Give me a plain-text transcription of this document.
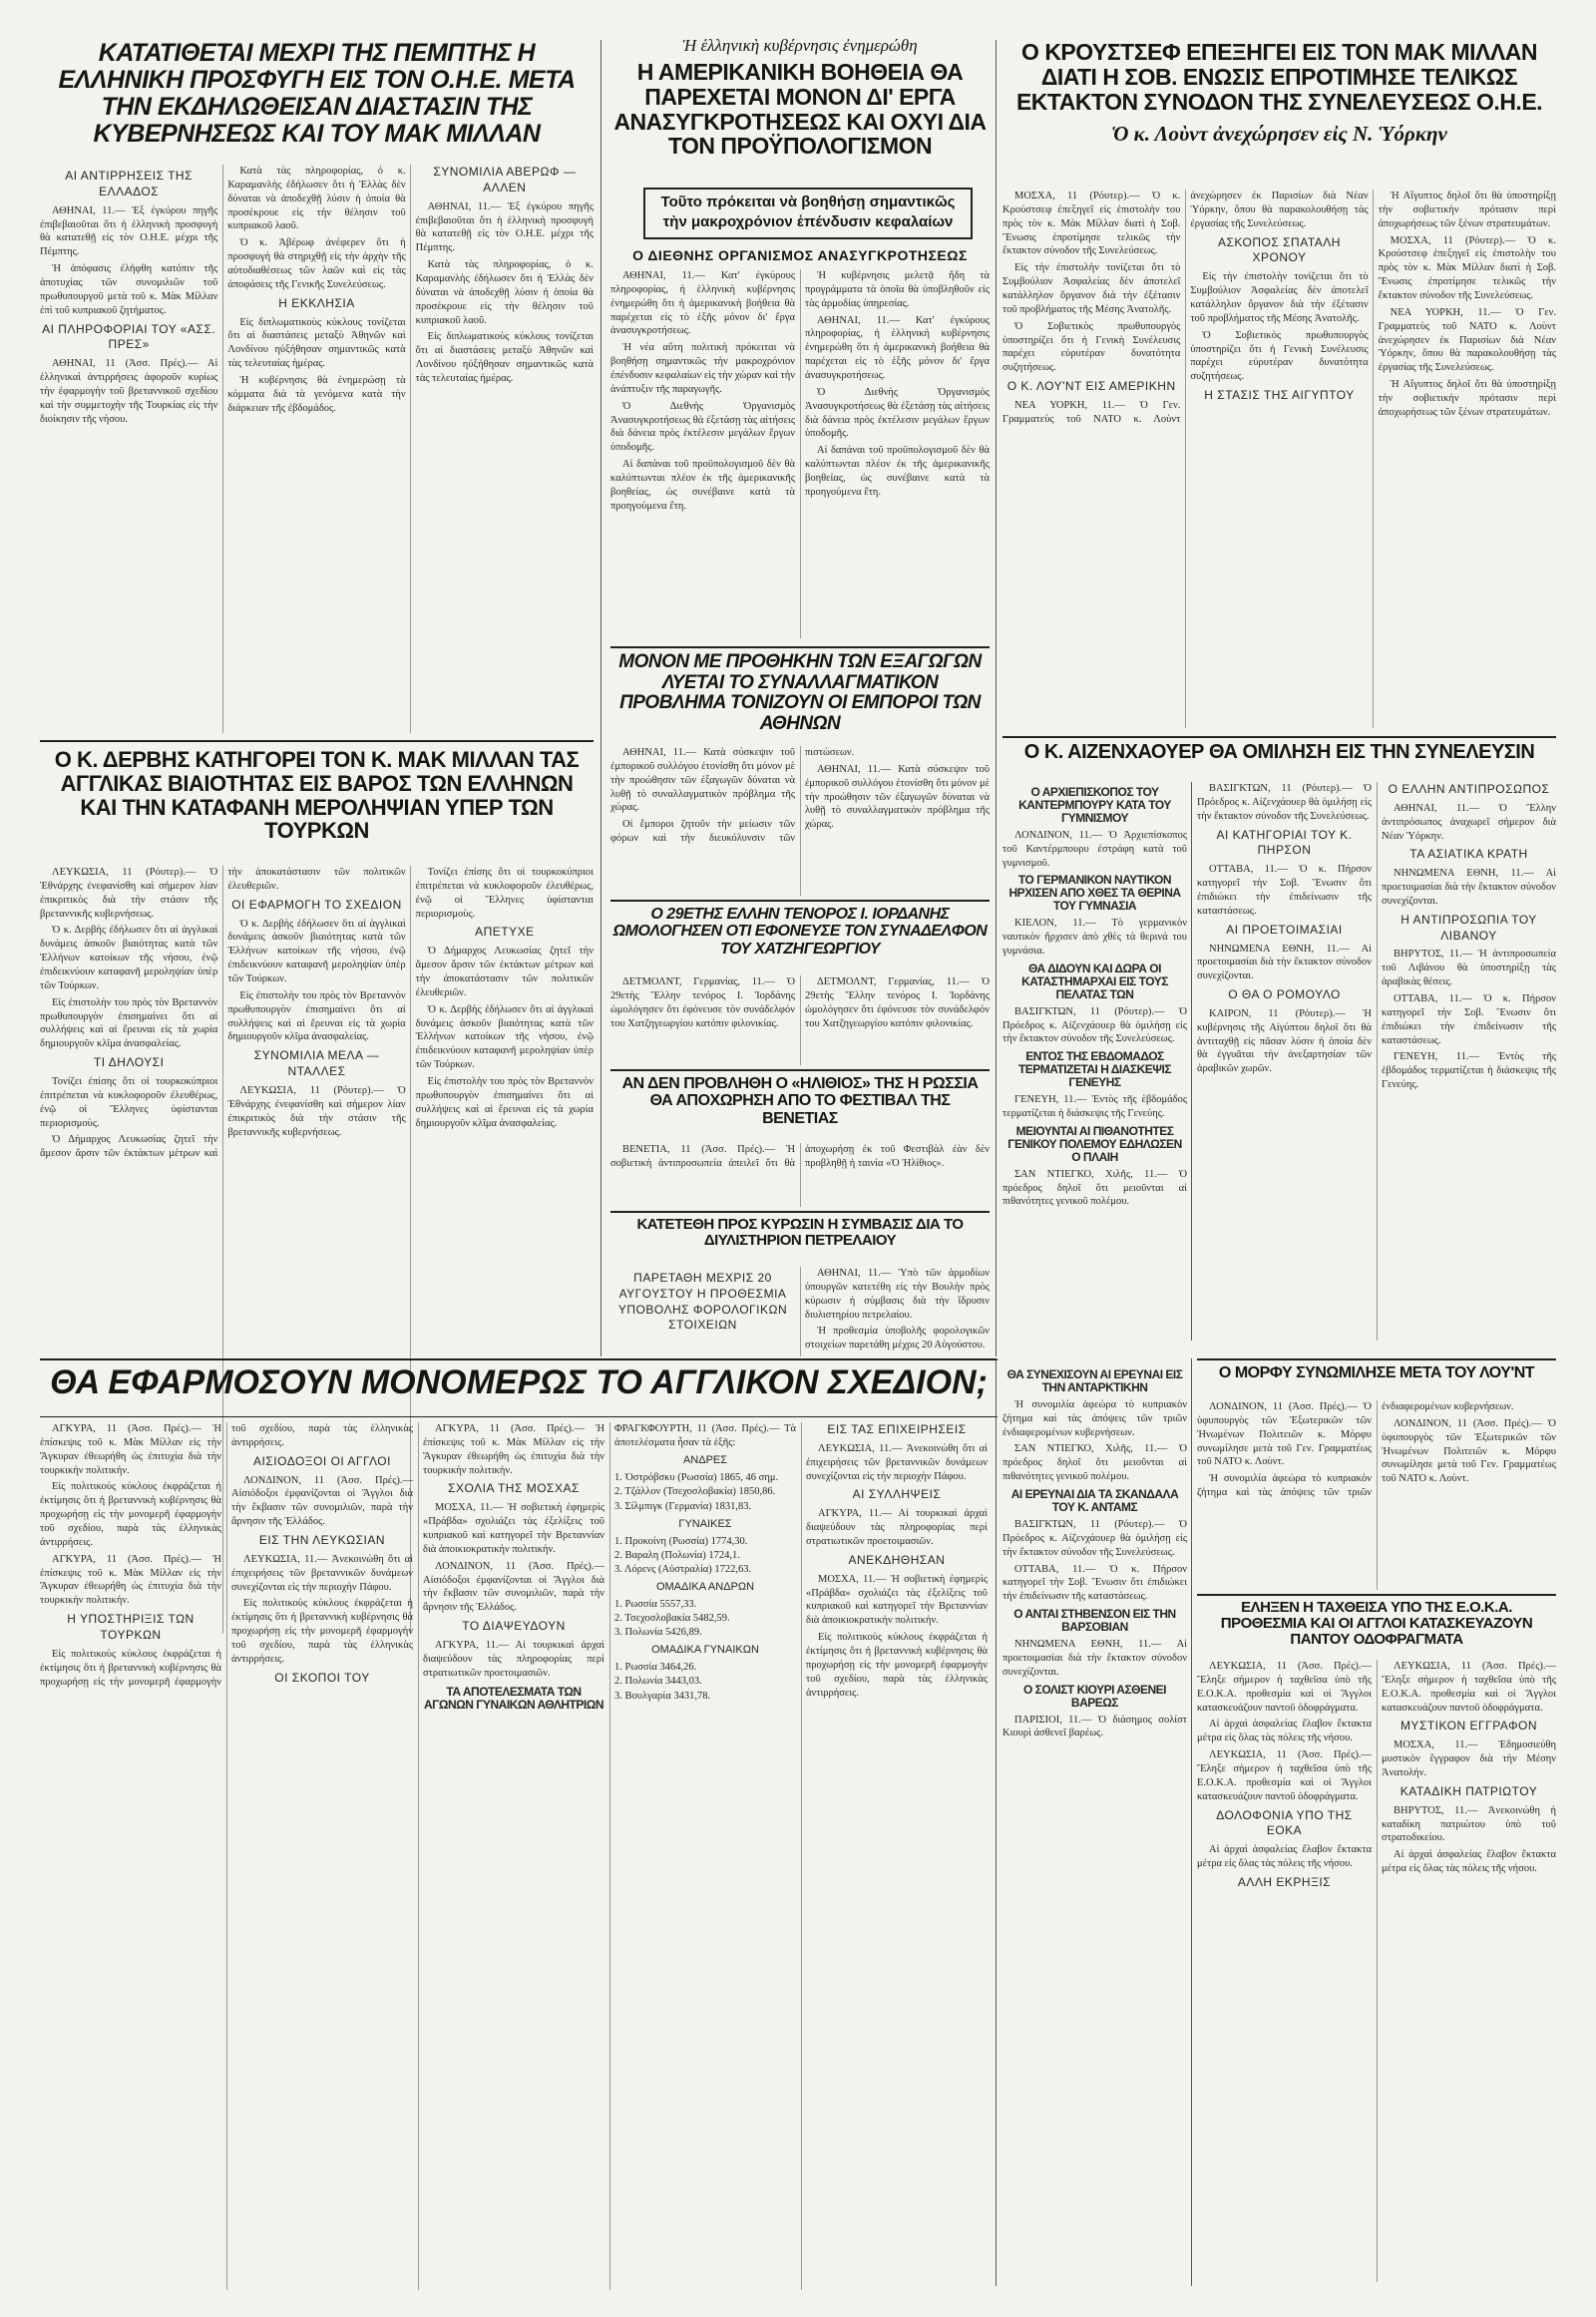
ΚΑΤΑΤΙΘΕΤΑΙ ΜΕΧΡΙ ΤΗΣ ΠΕΜΠΤΗΣ Η ΕΛΛΗΝΙΚΗ ΠΡΟΣΦΥΓΗ ΕΙΣ ΤΟΝ Ο.Η.Ε. ΜΕΤΑ ΤΗΝ ΕΚΔΗΛΩΘΕΙΣΑΝ ΔΙΑΣΤΑΣΙΝ ΤΗΣ ΚΥΒΕΡΝΗΣΕΩΣ ΚΑΙ ΤΟΥ ΜΑΚ ΜΙΛΛΑΝ
Ἡ ἑλληνικὴ κυβέρνησις ἐνημερώθη
Η ΑΜΕΡΙΚΑΝΙΚΗ ΒΟΗΘΕΙΑ ΘΑ ΠΑΡΕΧΕΤΑΙ ΜΟΝΟΝ ΔΙ' ΕΡΓΑ ΑΝΑΣΥΓΚΡΟΤΗΣΕΩΣ ΚΑΙ ΟΧΥΙ ΔΙΑ ΤΟΝ ΠΡΟΫΠΟΛΟΓΙΣΜΟΝ
Ο ΚΡΟΥΣΤΣΕΦ ΕΠΕΞΗΓΕΙ ΕΙΣ ΤΟΝ ΜΑΚ ΜΙΛΛΑΝ ΔΙΑΤΙ Η ΣΟΒ. ΕΝΩΣΙΣ ΕΠΡΟΤΙΜΗΣΕ ΤΕΛΙΚΩΣ ΕΚΤΑΚΤΟΝ ΣΥΝΟΔΟΝ ΤΗΣ ΣΥΝΕΛΕΥΣΕΩΣ Ο.Η.Ε.
Ὁ κ. Λοὺντ ἀνεχώρησεν εἰς Ν. Ὑόρκην
ΑΙ ΑΝΤΙΡΡΗΣΕΙΣ ΤΗΣ ΕΛΛΑΔΟΣ

ΑΘΗΝΑΙ, 11.— Ἐξ ἐγκύρου πηγῆς ἐπιβεβαιοῦται ὅτι ἡ ἑλληνικὴ προσφυγὴ θὰ κατατεθῇ εἰς τὸν Ο.Η.Ε. μέχρι τῆς Πέμπτης.

Ἡ ἀπόφασις ἐλήφθη κατόπιν τῆς ἀποτυχίας τῶν συνομιλιῶν τοῦ πρωθυπουργοῦ μετὰ τοῦ κ. Μὰκ Μίλλαν ἐπὶ τοῦ κυπριακοῦ ζητήματος.

ΑΙ ΠΛΗΡΟΦΟΡΙΑΙ ΤΟΥ «ΑΣΣ. ΠΡΕΣ»

ΑΘΗΝΑΙ, 11 (Ἀσσ. Πρές).— Αἱ ἑλληνικαὶ ἀντιρρήσεις ἀφοροῦν κυρίως τὴν ἐφαρμογὴν τοῦ βρεταννικοῦ σχεδίου καὶ τὴν συμμετοχὴν τῆς Τουρκίας εἰς τὴν διοίκησιν τῆς νήσου.

Κατὰ τὰς πληροφορίας, ὁ κ. Καραμανλὴς ἐδήλωσεν ὅτι ἡ Ἑλλὰς δὲν δύναται νὰ ἀποδεχθῇ λύσιν ἡ ὁποία θὰ προσέκρουε εἰς τὴν θέλησιν τοῦ κυπριακοῦ λαοῦ.

Ὁ κ. Ἀβέρωφ ἀνέφερεν ὅτι ἡ προσφυγὴ θὰ στηριχθῇ εἰς τὴν ἀρχὴν τῆς αὐτοδιαθέσεως τῶν λαῶν καὶ εἰς τὰς ἀποφάσεις τῆς Γενικῆς Συνελεύσεως.

Η ΕΚΚΛΗΣΙΑ

Εἰς διπλωματικοὺς κύκλους τονίζεται ὅτι αἱ διαστάσεις μεταξὺ Ἀθηνῶν καὶ Λονδίνου ηὐξήθησαν σημαντικῶς κατὰ τὰς τελευταίας ἡμέρας.

Ἡ κυβέρνησις θὰ ἐνημερώσῃ τὰ κόμματα διὰ τὰ γενόμενα κατὰ τὴν διάρκειαν τῆς ἐβδομάδος.

ΣΥΝΟΜΙΛΙΑ ΑΒΕΡΩΦ — ΑΛΛΕΝ

ΑΘΗΝΑΙ, 11.— Ἐξ ἐγκύρου πηγῆς ἐπιβεβαιοῦται ὅτι ἡ ἑλληνικὴ προσφυγὴ θὰ κατατεθῇ εἰς τὸν Ο.Η.Ε. μέχρι τῆς Πέμπτης.

Κατὰ τὰς πληροφορίας, ὁ κ. Καραμανλὴς ἐδήλωσεν ὅτι ἡ Ἑλλὰς δὲν δύναται νὰ ἀποδεχθῇ λύσιν ἡ ὁποία θὰ προσέκρουε εἰς τὴν θέλησιν τοῦ κυπριακοῦ λαοῦ.

Εἰς διπλωματικοὺς κύκλους τονίζεται ὅτι αἱ διαστάσεις μεταξὺ Ἀθηνῶν καὶ Λονδίνου ηὐξήθησαν σημαντικῶς κατὰ τὰς τελευταίας ἡμέρας.

Τοῦτο πρόκειται νὰ βοηθήσῃ σημαντικῶς τὴν μακροχρόνιον ἐπένδυσιν κεφαλαίων
Ο ΔΙΕΘΝΗΣ ΟΡΓΑΝΙΣΜΟΣ ΑΝΑΣΥΓΚΡΟΤΗΣΕΩΣ

ΑΘΗΝΑΙ, 11.— Κατ' ἐγκύρους πληροφορίας, ἡ ἑλληνικὴ κυβέρνησις ἐνημερώθη ὅτι ἡ ἀμερικανικὴ βοήθεια θὰ παρέχεται εἰς τὸ ἑξῆς μόνον δι' ἔργα ἀνασυγκροτήσεως.

Ἡ νέα αὕτη πολιτικὴ πρόκειται νὰ βοηθήσῃ σημαντικῶς τὴν μακροχρόνιον ἐπένδυσιν κεφαλαίων εἰς τὴν χώραν καὶ τὴν ἀνάπτυξιν τῆς παραγωγῆς.

Ὁ Διεθνὴς Ὀργανισμὸς Ἀνασυγκροτήσεως θὰ ἐξετάσῃ τὰς αἰτήσεις διὰ δάνεια πρὸς ἐκτέλεσιν μεγάλων ἔργων ὑποδομῆς.

Αἱ δαπάναι τοῦ προϋπολογισμοῦ δὲν θὰ καλύπτωνται πλέον ἐκ τῆς ἀμερικανικῆς βοηθείας, ὡς συνέβαινε κατὰ τὰ προηγούμενα ἔτη.

Ἡ κυβέρνησις μελετᾷ ἤδη τὰ προγράμματα τὰ ὁποῖα θὰ ὑποβληθοῦν εἰς τὰς ἀρμοδίας ὑπηρεσίας.

ΑΘΗΝΑΙ, 11.— Κατ' ἐγκύρους πληροφορίας, ἡ ἑλληνικὴ κυβέρνησις ἐνημερώθη ὅτι ἡ ἀμερικανικὴ βοήθεια θὰ παρέχεται εἰς τὸ ἑξῆς μόνον δι' ἔργα ἀνασυγκροτήσεως.

Ὁ Διεθνὴς Ὀργανισμὸς Ἀνασυγκροτήσεως θὰ ἐξετάσῃ τὰς αἰτήσεις διὰ δάνεια πρὸς ἐκτέλεσιν μεγάλων ἔργων ὑποδομῆς.

Αἱ δαπάναι τοῦ προϋπολογισμοῦ δὲν θὰ καλύπτωνται πλέον ἐκ τῆς ἀμερικανικῆς βοηθείας, ὡς συνέβαινε κατὰ τὰ προηγούμενα ἔτη.

ΜΟΣΧΑ, 11 (Ρόυτερ).— Ὁ κ. Κρούστσεφ ἐπεξηγεῖ εἰς ἐπιστολὴν του πρὸς τὸν κ. Μὰκ Μίλλαν διατὶ ἡ Σοβ. Ἕνωσις ἐπροτίμησε τελικῶς τὴν ἔκτακτον σύνοδον τῆς Συνελεύσεως.

Εἰς τὴν ἐπιστολὴν τονίζεται ὅτι τὸ Συμβούλιον Ἀσφαλείας δὲν ἀποτελεῖ κατάλληλον ὄργανον διὰ τὴν ἐξέτασιν τοῦ προβλήματος τῆς Μέσης Ἀνατολῆς.

Ὁ Σοβιετικὸς πρωθυπουργὸς ὑποστηρίζει ὅτι ἡ Γενικὴ Συνέλευσις παρέχει εὐρυτέραν δυνατότητα συζητήσεως.

Ο Κ. ΛΟΥ'ΝΤ ΕΙΣ ΑΜΕΡΙΚΗΝ

ΝΕΑ ΥΟΡΚΗ, 11.— Ὁ Γεν. Γραμματεὺς τοῦ ΝΑΤΟ κ. Λοὺντ ἀνεχώρησεν ἐκ Παρισίων διὰ Νέαν Ὑόρκην, ὅπου θὰ παρακολουθήσῃ τὰς ἐργασίας τῆς Συνελεύσεως.

ΑΣΚΟΠΟΣ ΣΠΑΤΑΛΗ ΧΡΟΝΟΥ

Εἰς τὴν ἐπιστολὴν τονίζεται ὅτι τὸ Συμβούλιον Ἀσφαλείας δὲν ἀποτελεῖ κατάλληλον ὄργανον διὰ τὴν ἐξέτασιν τοῦ προβλήματος τῆς Μέσης Ἀνατολῆς.

Ὁ Σοβιετικὸς πρωθυπουργὸς ὑποστηρίζει ὅτι ἡ Γενικὴ Συνέλευσις παρέχει εὐρυτέραν δυνατότητα συζητήσεως.

Η ΣΤΑΣΙΣ ΤΗΣ ΑΙΓΥΠΤΟΥ

Ἡ Αἴγυπτος δηλοῖ ὅτι θὰ ὑποστηρίξῃ τὴν σοβιετικὴν πρότασιν περὶ ἀποχωρήσεως τῶν ξένων στρατευμάτων.

ΜΟΣΧΑ, 11 (Ρόυτερ).— Ὁ κ. Κρούστσεφ ἐπεξηγεῖ εἰς ἐπιστολὴν του πρὸς τὸν κ. Μὰκ Μίλλαν διατὶ ἡ Σοβ. Ἕνωσις ἐπροτίμησε τελικῶς τὴν ἔκτακτον σύνοδον τῆς Συνελεύσεως.

ΝΕΑ ΥΟΡΚΗ, 11.— Ὁ Γεν. Γραμματεὺς τοῦ ΝΑΤΟ κ. Λοὺντ ἀνεχώρησεν ἐκ Παρισίων διὰ Νέαν Ὑόρκην, ὅπου θὰ παρακολουθήσῃ τὰς ἐργασίας τῆς Συνελεύσεως.

Ἡ Αἴγυπτος δηλοῖ ὅτι θὰ ὑποστηρίξῃ τὴν σοβιετικὴν πρότασιν περὶ ἀποχωρήσεως τῶν ξένων στρατευμάτων.

ΜΟΝΟΝ ΜΕ ΠΡΟΘΗΚΗΝ ΤΩΝ ΕΞΑΓΩΓΩΝ ΛΥΕΤΑΙ ΤΟ ΣΥΝΑΛΛΑΓΜΑΤΙΚΟΝ ΠΡΟΒΛΗΜΑ ΤΟΝΙΖΟΥΝ ΟΙ ΕΜΠΟΡΟΙ ΤΩΝ ΑΘΗΝΩΝ

ΑΘΗΝΑΙ, 11.— Κατὰ σύσκεψιν τοῦ ἐμπορικοῦ συλλόγου ἐτονίσθη ὅτι μόνον μὲ τὴν προώθησιν τῶν ἐξαγωγῶν δύναται νὰ λυθῇ τὸ συναλλαγματικὸν πρόβλημα τῆς χώρας.

Οἱ ἔμποροι ζητοῦν τὴν μείωσιν τῶν φόρων καὶ τὴν διευκόλυνσιν τῶν πιστώσεων.

ΑΘΗΝΑΙ, 11.— Κατὰ σύσκεψιν τοῦ ἐμπορικοῦ συλλόγου ἐτονίσθη ὅτι μόνον μὲ τὴν προώθησιν τῶν ἐξαγωγῶν δύναται νὰ λυθῇ τὸ συναλλαγματικὸν πρόβλημα τῆς χώρας.

Ο Κ. ΔΕΡΒΗΣ ΚΑΤΗΓΟΡΕΙ ΤΟΝ Κ. ΜΑΚ ΜΙΛΛΑΝ ΤΑΣ ΑΓΓΛΙΚΑΣ ΒΙΑΙΟΤΗΤΑΣ ΕΙΣ ΒΑΡΟΣ ΤΩΝ ΕΛΛΗΝΩΝ ΚΑΙ ΤΗΝ ΚΑΤΑΦΑΝΗ ΜΕΡΟΛΗΨΙΑΝ ΥΠΕΡ ΤΩΝ ΤΟΥΡΚΩΝ

ΛΕΥΚΩΣΙΑ, 11 (Ρόυτερ).— Ὁ Ἐθνάρχης ἐνεφανίσθη καὶ σήμερον λίαν ἐπικριτικὸς διὰ τὴν στάσιν τῆς βρεταννικῆς κυβερνήσεως.

Ὁ κ. Δερβὴς ἐδήλωσεν ὅτι αἱ ἀγγλικαὶ δυνάμεις ἀσκοῦν βιαιότητας κατὰ τῶν Ἑλλήνων κατοίκων τῆς νήσου, ἐνῷ ἐπιδεικνύουν καταφανῆ μεροληψίαν ὑπὲρ τῶν Τούρκων.

Εἰς ἐπιστολὴν του πρὸς τὸν Βρεταννὸν πρωθυπουργὸν ἐπισημαίνει ὅτι αἱ συλλήψεις καὶ αἱ ἔρευναι εἰς τὰ χωρία δημιουργοῦν κλῖμα ἀνασφαλείας.

ΤΙ ΔΗΛΟΥΣΙ

Τονίζει ἐπίσης ὅτι οἱ τουρκοκύπριοι ἐπιτρέπεται νὰ κυκλοφοροῦν ἐλευθέρως, ἐνῷ οἱ Ἕλληνες ὑφίστανται περιορισμοὺς.

Ὁ Δήμαρχος Λευκωσίας ζητεῖ τὴν ἄμεσον ἄρσιν τῶν ἐκτάκτων μέτρων καὶ τὴν ἀποκατάστασιν τῶν πολιτικῶν ἐλευθεριῶν.

ΟΙ ΕΦΑΡΜΟΓΗ ΤΟ ΣΧΕΔΙΟΝ

Ὁ κ. Δερβὴς ἐδήλωσεν ὅτι αἱ ἀγγλικαὶ δυνάμεις ἀσκοῦν βιαιότητας κατὰ τῶν Ἑλλήνων κατοίκων τῆς νήσου, ἐνῷ ἐπιδεικνύουν καταφανῆ μεροληψίαν ὑπὲρ τῶν Τούρκων.

Εἰς ἐπιστολὴν του πρὸς τὸν Βρεταννὸν πρωθυπουργὸν ἐπισημαίνει ὅτι αἱ συλλήψεις καὶ αἱ ἔρευναι εἰς τὰ χωρία δημιουργοῦν κλῖμα ἀνασφαλείας.

ΣΥΝΟΜΙΛΙΑ ΜΕΛΑ — ΝΤΑΛΛΕΣ

ΛΕΥΚΩΣΙΑ, 11 (Ρόυτερ).— Ὁ Ἐθνάρχης ἐνεφανίσθη καὶ σήμερον λίαν ἐπικριτικὸς διὰ τὴν στάσιν τῆς βρεταννικῆς κυβερνήσεως.

Τονίζει ἐπίσης ὅτι οἱ τουρκοκύπριοι ἐπιτρέπεται νὰ κυκλοφοροῦν ἐλευθέρως, ἐνῷ οἱ Ἕλληνες ὑφίστανται περιορισμοὺς.

ΑΠΕΤΥΧΕ

Ὁ Δήμαρχος Λευκωσίας ζητεῖ τὴν ἄμεσον ἄρσιν τῶν ἐκτάκτων μέτρων καὶ τὴν ἀποκατάστασιν τῶν πολιτικῶν ἐλευθεριῶν.

Ὁ κ. Δερβὴς ἐδήλωσεν ὅτι αἱ ἀγγλικαὶ δυνάμεις ἀσκοῦν βιαιότητας κατὰ τῶν Ἑλλήνων κατοίκων τῆς νήσου, ἐνῷ ἐπιδεικνύουν καταφανῆ μεροληψίαν ὑπὲρ τῶν Τούρκων.

Εἰς ἐπιστολὴν του πρὸς τὸν Βρεταννὸν πρωθυπουργὸν ἐπισημαίνει ὅτι αἱ συλλήψεις καὶ αἱ ἔρευναι εἰς τὰ χωρία δημιουργοῦν κλῖμα ἀνασφαλείας.

Ο 29ΕΤΗΣ ΕΛΛΗΝ ΤΕΝΟΡΟΣ Ι. ΙΟΡΔΑΝΗΣ ΩΜΟΛΟΓΗΣΕΝ ΟΤΙ ΕΦΟΝΕΥΣΕ ΤΟΝ ΣΥΝΑΔΕΛΦΟΝ ΤΟΥ ΧΑΤΖΗΓΕΩΡΓΙΟΥ

ΔΕΤΜΟΛΝΤ, Γερμανίας, 11.— Ὁ 29ετὴς Ἕλλην τενόρος Ι. Ἰορδάνης ὡμολόγησεν ὅτι ἐφόνευσε τὸν συνάδελφόν του Χατζηγεωργίου κατόπιν φιλονικίας.

ΔΕΤΜΟΛΝΤ, Γερμανίας, 11.— Ὁ 29ετὴς Ἕλλην τενόρος Ι. Ἰορδάνης ὡμολόγησεν ὅτι ἐφόνευσε τὸν συνάδελφόν του Χατζηγεωργίου κατόπιν φιλονικίας.

ΑΝ ΔΕΝ ΠΡΟΒΛΗΘΗ Ο «ΗΛΙΘΙΟΣ» ΤΗΣ Η ΡΩΣΣΙΑ ΘΑ ΑΠΟΧΩΡΗΣΗ ΑΠΟ ΤΟ ΦΕΣΤΙΒΑΛ ΤΗΣ ΒΕΝΕΤΙΑΣ

ΒΕΝΕΤΙΑ, 11 (Ἀσσ. Πρές).— Ἡ σοβιετικὴ ἀντιπροσωπεία ἀπειλεῖ ὅτι θὰ ἀποχωρήσῃ ἐκ τοῦ Φεστιβὰλ ἐὰν δὲν προβληθῇ ἡ ταινία «Ὁ Ἠλίθιος».

ΚΑΤΕΤΕΘΗ ΠΡΟΣ ΚΥΡΩΣΙΝ Η ΣΥΜΒΑΣΙΣ ΔΙΑ ΤΟ ΔΙΥΛΙΣΤΗΡΙΟΝ ΠΕΤΡΕΛΑΙΟΥ
ΠΑΡΕΤΑΘΗ ΜΕΧΡΙΣ 20 ΑΥΓΟΥΣΤΟΥ Η ΠΡΟΘΕΣΜΙΑ ΥΠΟΒΟΛΗΣ ΦΟΡΟΛΟΓΙΚΩΝ ΣΤΟΙΧΕΙΩΝ

ΑΘΗΝΑΙ, 11.— Ὑπὸ τῶν ἁρμοδίων ὑπουργῶν κατετέθη εἰς τὴν Βουλὴν πρὸς κύρωσιν ἡ σύμβασις διὰ τὴν ἵδρυσιν διυλιστηρίου πετρελαίου.

Ἡ προθεσμία ὑποβολῆς φορολογικῶν στοιχείων παρετάθη μέχρις 20 Αὐγούστου.

Ο Κ. ΑΙΖΕΝΧΑΟΥΕΡ ΘΑ ΟΜΙΛΗΣΗ ΕΙΣ ΤΗΝ ΣΥΝΕΛΕΥΣΙΝ
Ο ΑΡΧΙΕΠΙΣΚΟΠΟΣ ΤΟΥ ΚΑΝΤΕΡΜΠΟΥΡΥ ΚΑΤΑ ΤΟΥ ΓΥΜΝΙΣΜΟΥ

ΛΟΝΔΙΝΟΝ, 11.— Ὁ Ἀρχιεπίσκοπος τοῦ Καντέρμπουρυ ἐστράφη κατὰ τοῦ γυμνισμοῦ.

ΤΟ ΓΕΡΜΑΝΙΚΟΝ ΝΑΥΤΙΚΟΝ ΗΡΧΙΣΕΝ ΑΠΟ ΧΘΕΣ ΤΑ ΘΕΡΙΝΑ ΤΟΥ ΓΥΜΝΑΣΙΑ

ΚΙΕΛΟΝ, 11.— Τὸ γερμανικὸν ναυτικὸν ἤρχισεν ἀπὸ χθὲς τὰ θερινά του γυμνάσια.

ΘΑ ΔΙΔΟΥΝ ΚΑΙ ΔΩΡΑ ΟΙ ΚΑΤΑΣΤΗΜΑΡΧΑΙ ΕΙΣ ΤΟΥΣ ΠΕΛΑΤΑΣ ΤΩΝ

ΒΑΣΙΓΚΤΩΝ, 11 (Ρόυτερ).— Ὁ Πρόεδρος κ. Αἰζενχάουερ θὰ ὁμιλήσῃ εἰς τὴν ἔκτακτον σύνοδον τῆς Συνελεύσεως.

ΕΝΤΟΣ ΤΗΣ ΕΒΔΟΜΑΔΟΣ ΤΕΡΜΑΤΙΖΕΤΑΙ Η ΔΙΑΣΚΕΨΙΣ ΓΕΝΕΥΗΣ

ΓΕΝΕΥΗ, 11.— Ἐντὸς τῆς ἑβδομάδος τερματίζεται ἡ διάσκεψις τῆς Γενεύης.

ΜΕΙΟΥΝΤΑΙ ΑΙ ΠΙΘΑΝΟΤΗΤΕΣ ΓΕΝΙΚΟΥ ΠΟΛΕΜΟΥ ΕΔΗΛΩΣΕΝ Ο ΠΛΑΙΗ

ΣΑΝ ΝΤΙΕΓΚΟ, Χιλῆς, 11.— Ὁ πρόεδρος δηλοῖ ὅτι μειοῦνται αἱ πιθανότητες γενικοῦ πολέμου.

ΒΑΣΙΓΚΤΩΝ, 11 (Ρόυτερ).— Ὁ Πρόεδρος κ. Αἰζενχάουερ θὰ ὁμιλήσῃ εἰς τὴν ἔκτακτον σύνοδον τῆς Συνελεύσεως.

ΑΙ ΚΑΤΗΓΟΡΙΑΙ ΤΟΥ Κ. ΠΗΡΣΟΝ

ΟΤΤΑΒΑ, 11.— Ὁ κ. Πήρσον κατηγορεῖ τὴν Σοβ. Ἕνωσιν ὅτι ἐπιδιώκει τὴν ἐπιδείνωσιν τῆς καταστάσεως.

ΑΙ ΠΡΟΕΤΟΙΜΑΣΙΑΙ

ΝΗΝΩΜΕΝΑ ΕΘΝΗ, 11.— Αἱ προετοιμασίαι διὰ τὴν ἔκτακτον σύνοδον συνεχίζονται.

Ο ΘΑ Ο ΡΟΜΟΥΛΟ

ΚΑΙΡΟΝ, 11 (Ρόυτερ).— Ἡ κυβέρνησις τῆς Αἰγύπτου δηλοῖ ὅτι θὰ ἀντιταχθῇ εἰς πᾶσαν λύσιν ἡ ὁποία δὲν θὰ ἐγγυᾶται τὴν ἀνεξαρτησίαν τῶν ἀραβικῶν χωρῶν.

Ο ΕΛΛΗΝ ΑΝΤΙΠΡΟΣΩΠΟΣ

ΑΘΗΝΑΙ, 11.— Ὁ Ἕλλην ἀντιπρόσωπος ἀναχωρεῖ σήμερον διὰ Νέαν Ὑόρκην.

ΤΑ ΑΣΙΑΤΙΚΑ ΚΡΑΤΗ

ΝΗΝΩΜΕΝΑ ΕΘΝΗ, 11.— Αἱ προετοιμασίαι διὰ τὴν ἔκτακτον σύνοδον συνεχίζονται.

Η ΑΝΤΙΠΡΟΣΩΠΙΑ ΤΟΥ ΛΙΒΑΝΟΥ

ΒΗΡΥΤΟΣ, 11.— Ἡ ἀντιπροσωπεία τοῦ Λιβάνου θὰ ὑποστηρίξῃ τὰς ἀραβικὰς θέσεις.

ΟΤΤΑΒΑ, 11.— Ὁ κ. Πήρσον κατηγορεῖ τὴν Σοβ. Ἕνωσιν ὅτι ἐπιδιώκει τὴν ἐπιδείνωσιν τῆς καταστάσεως.

ΓΕΝΕΥΗ, 11.— Ἐντὸς τῆς ἑβδομάδος τερματίζεται ἡ διάσκεψις τῆς Γενεύης.

ΘΑ ΕΦΑΡΜΟΣΟΥΝ ΜΟΝΟΜΕΡΩΣ ΤΟ ΑΓΓΛΙΚΟΝ ΣΧΕΔΙΟΝ;

ΑΓΚΥΡΑ, 11 (Ἀσσ. Πρές).— Ἡ ἐπίσκεψις τοῦ κ. Μὰκ Μίλλαν εἰς τὴν Ἄγκυραν ἐθεωρήθη ὡς ἐπιτυχία διὰ τὴν τουρκικὴν πολιτικήν.

Εἰς πολιτικοὺς κύκλους ἐκφράζεται ἡ ἐκτίμησις ὅτι ἡ βρεταννικὴ κυβέρνησις θὰ προχωρήσῃ εἰς τὴν μονομερῆ ἐφαρμογὴν τοῦ σχεδίου, παρὰ τὰς ἑλληνικὰς ἀντιρρήσεις.

ΑΓΚΥΡΑ, 11 (Ἀσσ. Πρές).— Ἡ ἐπίσκεψις τοῦ κ. Μὰκ Μίλλαν εἰς τὴν Ἄγκυραν ἐθεωρήθη ὡς ἐπιτυχία διὰ τὴν τουρκικὴν πολιτικήν.

Η ΥΠΟΣΤΗΡΙΞΙΣ ΤΩΝ ΤΟΥΡΚΩΝ

Εἰς πολιτικοὺς κύκλους ἐκφράζεται ἡ ἐκτίμησις ὅτι ἡ βρεταννικὴ κυβέρνησις θὰ προχωρήσῃ εἰς τὴν μονομερῆ ἐφαρμογὴν τοῦ σχεδίου, παρὰ τὰς ἑλληνικὰς ἀντιρρήσεις.

ΑΙΣΙΟΔΟΞΟΙ ΟΙ ΑΓΓΛΟΙ

ΛΟΝΔΙΝΟΝ, 11 (Ἀσσ. Πρές).— Αἰσιόδοξοι ἐμφανίζονται οἱ Ἄγγλοι διὰ τὴν ἔκβασιν τῶν συνομιλιῶν, παρὰ τὴν ἄρνησιν τῆς Ἑλλάδος.

ΕΙΣ ΤΗΝ ΛΕΥΚΩΣΙΑΝ

ΛΕΥΚΩΣΙΑ, 11.— Ἀνεκοινώθη ὅτι αἱ ἐπιχειρήσεις τῶν βρεταννικῶν δυνάμεων συνεχίζονται εἰς τὴν περιοχὴν Πάφου.

Εἰς πολιτικοὺς κύκλους ἐκφράζεται ἡ ἐκτίμησις ὅτι ἡ βρεταννικὴ κυβέρνησις θὰ προχωρήσῃ εἰς τὴν μονομερῆ ἐφαρμογὴν τοῦ σχεδίου, παρὰ τὰς ἑλληνικὰς ἀντιρρήσεις.

ΟΙ ΣΚΟΠΟΙ ΤΟΥ

ΑΓΚΥΡΑ, 11 (Ἀσσ. Πρές).— Ἡ ἐπίσκεψις τοῦ κ. Μὰκ Μίλλαν εἰς τὴν Ἄγκυραν ἐθεωρήθη ὡς ἐπιτυχία διὰ τὴν τουρκικὴν πολιτικήν.

ΣΧΟΛΙΑ ΤΗΣ ΜΟΣΧΑΣ

ΜΟΣΧΑ, 11.— Ἡ σοβιετικὴ ἐφημερὶς «Πράβδα» σχολιάζει τὰς ἐξελίξεις τοῦ κυπριακοῦ καὶ κατηγορεῖ τὴν Βρεταννίαν διὰ ἀποικιοκρατικὴν πολιτικήν.

ΛΟΝΔΙΝΟΝ, 11 (Ἀσσ. Πρές).— Αἰσιόδοξοι ἐμφανίζονται οἱ Ἄγγλοι διὰ τὴν ἔκβασιν τῶν συνομιλιῶν, παρὰ τὴν ἄρνησιν τῆς Ἑλλάδος.

ΤΟ ΔΙΑΨΕΥΔΟΥΝ

ΑΓΚΥΡΑ, 11.— Αἱ τουρκικαὶ ἀρχαὶ διαψεύδουν τὰς πληροφορίας περὶ στρατιωτικῶν προετοιμασιῶν.

ΤΑ ΑΠΟΤΕΛΕΣΜΑΤΑ ΤΩΝ ΑΓΩΝΩΝ ΓΥΝΑΙΚΩΝ ΑΘΛΗΤΡΙΩΝ
ΦΡΑΓΚΦΟΥΡΤΗ, 11 (Ἀσσ. Πρές).— Τὰ ἀποτελέσματα ἦσαν τὰ ἑξῆς:
ΑΝΔΡΕΣ
1. Ὀστρόβσκυ (Ρωσσία) 1865, 46 σημ.
2. Τζάλλον (Τσεχοσλοβακία) 1850,86.
3. Σίλμπιγκ (Γερμανία) 1831,83.
ΓΥΝΑΙΚΕΣ
1. Προκοίνη (Ρωσσία) 1774,30.
2. Βαραλη (Πολωνία) 1724,1.
3. Λόρενς (Αὐστραλία) 1722,63.
ΟΜΑΔΙΚΑ ΑΝΔΡΩΝ
1. Ρωσσία 5557,33.
2. Τσεχοσλοβακία 5482,59.
3. Πολωνία 5426,89.
ΟΜΑΔΙΚΑ ΓΥΝΑΙΚΩΝ
1. Ρωσσία 3464,26.
2. Πολωνία 3443,03.
3. Βουλγαρία 3431,78.
ΕΙΣ ΤΑΣ ΕΠΙΧΕΙΡΗΣΕΙΣ

ΛΕΥΚΩΣΙΑ, 11.— Ἀνεκοινώθη ὅτι αἱ ἐπιχειρήσεις τῶν βρεταννικῶν δυνάμεων συνεχίζονται εἰς τὴν περιοχὴν Πάφου.

ΑΙ ΣΥΛΛΗΨΕΙΣ

ΑΓΚΥΡΑ, 11.— Αἱ τουρκικαὶ ἀρχαὶ διαψεύδουν τὰς πληροφορίας περὶ στρατιωτικῶν προετοιμασιῶν.

ΑΝΕΚΔΗΘΗΣΑΝ

ΜΟΣΧΑ, 11.— Ἡ σοβιετικὴ ἐφημερὶς «Πράβδα» σχολιάζει τὰς ἐξελίξεις τοῦ κυπριακοῦ καὶ κατηγορεῖ τὴν Βρεταννίαν διὰ ἀποικιοκρατικὴν πολιτικήν.

Εἰς πολιτικοὺς κύκλους ἐκφράζεται ἡ ἐκτίμησις ὅτι ἡ βρεταννικὴ κυβέρνησις θὰ προχωρήσῃ εἰς τὴν μονομερῆ ἐφαρμογὴν τοῦ σχεδίου, παρὰ τὰς ἑλληνικὰς ἀντιρρήσεις.

ΘΑ ΣΥΝΕΧΙΣΟΥΝ ΑΙ ΕΡΕΥΝΑΙ ΕΙΣ ΤΗΝ ΑΝΤΑΡΚΤΙΚΗΝ

Ἡ συνομιλία ἀφεώρα τὸ κυπριακὸν ζήτημα καὶ τὰς ἀπόψεις τῶν τριῶν ἐνδιαφερομένων κυβερνήσεων.

ΣΑΝ ΝΤΙΕΓΚΟ, Χιλῆς, 11.— Ὁ πρόεδρος δηλοῖ ὅτι μειοῦνται αἱ πιθανότητες γενικοῦ πολέμου.

ΑΙ ΕΡΕΥΝΑΙ ΔΙΑ ΤΑ ΣΚΑΝΔΑΛΑ ΤΟΥ Κ. ΑΝΤΑΜΣ

ΒΑΣΙΓΚΤΩΝ, 11 (Ρόυτερ).— Ὁ Πρόεδρος κ. Αἰζενχάουερ θὰ ὁμιλήσῃ εἰς τὴν ἔκτακτον σύνοδον τῆς Συνελεύσεως.

ΟΤΤΑΒΑ, 11.— Ὁ κ. Πήρσον κατηγορεῖ τὴν Σοβ. Ἕνωσιν ὅτι ἐπιδιώκει τὴν ἐπιδείνωσιν τῆς καταστάσεως.

Ο ΑΝΤΑΙ ΣΤΗΒΕΝΣΟΝ ΕΙΣ ΤΗΝ ΒΑΡΣΟΒΙΑΝ

ΝΗΝΩΜΕΝΑ ΕΘΝΗ, 11.— Αἱ προετοιμασίαι διὰ τὴν ἔκτακτον σύνοδον συνεχίζονται.

Ο ΣΟΛΙΣΤ ΚΙΟΥΡΙ ΑΣΘΕΝΕΙ ΒΑΡΕΩΣ

ΠΑΡΙΣΙΟΙ, 11.— Ὁ διάσημος σολίστ Κιουρὶ ἀσθενεῖ βαρέως.

Ο ΜΟΡΦΥ ΣΥΝΩΜΙΛΗΣΕ ΜΕΤΑ ΤΟΥ ΛΟΥ'ΝΤ

ΛΟΝΔΙΝΟΝ, 11 (Ἀσσ. Πρές).— Ὁ ὑφυπουργὸς τῶν Ἐξωτερικῶν τῶν Ἡνωμένων Πολιτειῶν κ. Μόρφυ συνωμίλησε μετὰ τοῦ Γεν. Γραμματέως τοῦ ΝΑΤΟ κ. Λοὺντ.

Ἡ συνομιλία ἀφεώρα τὸ κυπριακὸν ζήτημα καὶ τὰς ἀπόψεις τῶν τριῶν ἐνδιαφερομένων κυβερνήσεων.

ΛΟΝΔΙΝΟΝ, 11 (Ἀσσ. Πρές).— Ὁ ὑφυπουργὸς τῶν Ἐξωτερικῶν τῶν Ἡνωμένων Πολιτειῶν κ. Μόρφυ συνωμίλησε μετὰ τοῦ Γεν. Γραμματέως τοῦ ΝΑΤΟ κ. Λοὺντ.

ΕΛΗΞΕΝ Η ΤΑΧΘΕΙΣΑ ΥΠΟ ΤΗΣ Ε.Ο.Κ.Α. ΠΡΟΘΕΣΜΙΑ ΚΑΙ ΟΙ ΑΓΓΛΟΙ ΚΑΤΑΣΚΕΥΑΖΟΥΝ ΠΑΝΤΟΥ ΟΔΟΦΡΑΓΜΑΤΑ

ΛΕΥΚΩΣΙΑ, 11 (Ἀσσ. Πρές).— Ἔληξε σήμερον ἡ ταχθεῖσα ὑπὸ τῆς Ε.Ο.Κ.Α. προθεσμία καὶ οἱ Ἄγγλοι κατασκευάζουν παντοῦ ὁδοφράγματα.

Αἱ ἀρχαὶ ἀσφαλείας ἔλαβον ἔκτακτα μέτρα εἰς ὅλας τὰς πόλεις τῆς νήσου.

ΛΕΥΚΩΣΙΑ, 11 (Ἀσσ. Πρές).— Ἔληξε σήμερον ἡ ταχθεῖσα ὑπὸ τῆς Ε.Ο.Κ.Α. προθεσμία καὶ οἱ Ἄγγλοι κατασκευάζουν παντοῦ ὁδοφράγματα.

ΔΟΛΟΦΟΝΙΑ ΥΠΟ ΤΗΣ ΕΟΚΑ

Αἱ ἀρχαὶ ἀσφαλείας ἔλαβον ἔκτακτα μέτρα εἰς ὅλας τὰς πόλεις τῆς νήσου.

ΑΛΛΗ ΕΚΡΗΞΙΣ

ΛΕΥΚΩΣΙΑ, 11 (Ἀσσ. Πρές).— Ἔληξε σήμερον ἡ ταχθεῖσα ὑπὸ τῆς Ε.Ο.Κ.Α. προθεσμία καὶ οἱ Ἄγγλοι κατασκευάζουν παντοῦ ὁδοφράγματα.

ΜΥΣΤΙΚΟΝ ΕΓΓΡΑΦΟΝ

ΜΟΣΧΑ, 11.— Ἐδημοσιεύθη μυστικὸν ἔγγραφον διὰ τὴν Μέσην Ἀνατολήν.

ΚΑΤΑΔΙΚΗ ΠΑΤΡΙΩΤΟΥ

ΒΗΡΥΤΟΣ, 11.— Ἀνεκοινώθη ἡ καταδίκη πατριώτου ὑπὸ τοῦ στρατοδικείου.

Αἱ ἀρχαὶ ἀσφαλείας ἔλαβον ἔκτακτα μέτρα εἰς ὅλας τὰς πόλεις τῆς νήσου.
